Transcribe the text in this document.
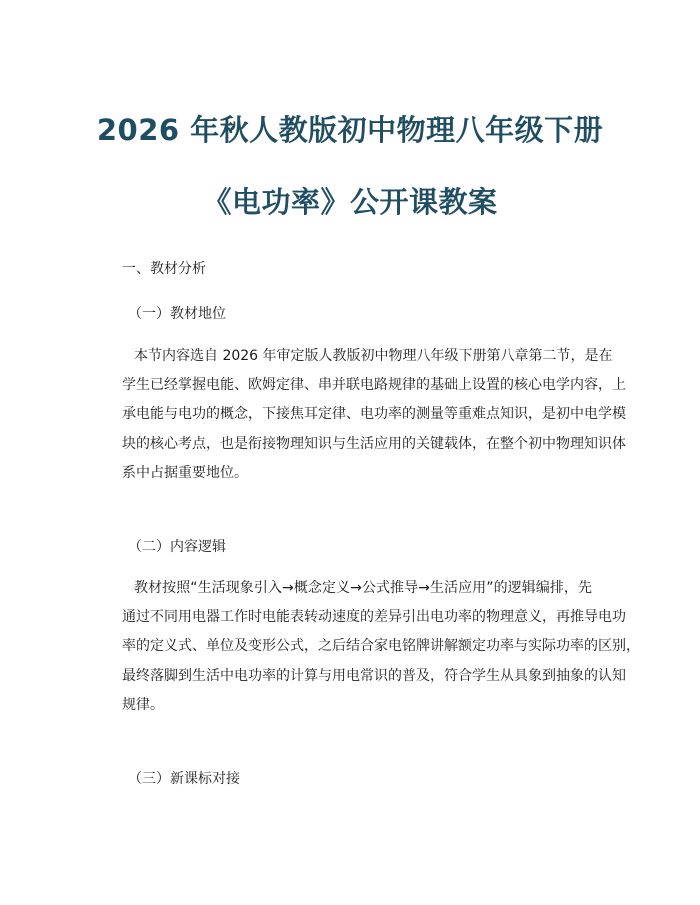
2026 年秋人教版初中物理八年级下册
《电功率》公开课教案
一、教材分析
（一）教材地位
本节内容选自 2026 年审定版人教版初中物理八年级下册第八章第二节，是在
学生已经掌握电能、欧姆定律、串并联电路规律的基础上设置的核心电学内容，上
承电能与电功的概念，下接焦耳定律、电功率的测量等重难点知识，是初中电学模
块的核心考点，也是衔接物理知识与生活应用的关键载体，在整个初中物理知识体
系中占据重要地位。
（二）内容逻辑
教材按照“生活现象引入→概念定义→公式推导→生活应用”的逻辑编排，先
通过不同用电器工作时电能表转动速度的差异引出电功率的物理意义，再推导电功
率的定义式、单位及变形公式，之后结合家电铭牌讲解额定功率与实际功率的区别，
最终落脚到生活中电功率的计算与用电常识的普及，符合学生从具象到抽象的认知
规律。
（三）新课标对接
